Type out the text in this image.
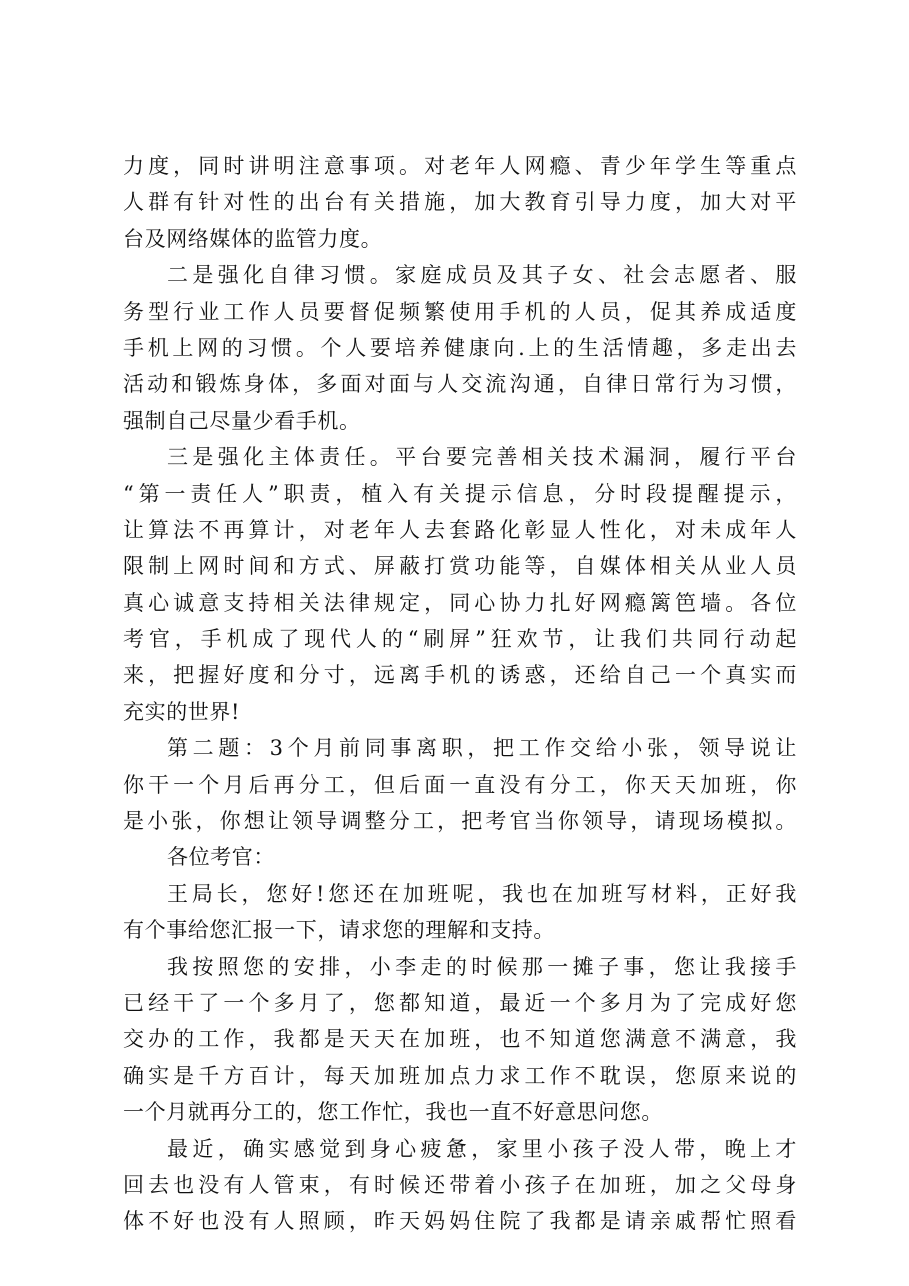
力度，同时讲明注意事项。对老年人网瘾、青少年学生等重点
人群有针对性的出台有关措施，加大教育引导力度，加大对平
台及网络媒体的监管力度。
二是强化自律习惯。家庭成员及其子女、社会志愿者、服
务型行业工作人员要督促频繁使用手机的人员，促其养成适度
手机上网的习惯。个人要培养健康向.上的生活情趣，多走出去
活动和锻炼身体，多面对面与人交流沟通，自律日常行为习惯，
强制自己尽量少看手机。
三是强化主体责任。平台要完善相关技术漏洞，履行平台
“第一责任人”职责，植入有关提示信息，分时段提醒提示，
让算法不再算计，对老年人去套路化彰显人性化，对未成年人
限制上网时间和方式、屏蔽打赏功能等，自媒体相关从业人员
真心诚意支持相关法律规定，同心协力扎好网瘾篱笆墙。各位
考官，手机成了现代人的“刷屏”狂欢节，让我们共同行动起
来，把握好度和分寸，远离手机的诱惑，还给自己一个真实而
充实的世界!
第二题：3个月前同事离职，把工作交给小张，领导说让
你干一个月后再分工，但后面一直没有分工，你天天加班，你
是小张，你想让领导调整分工，把考官当你领导，请现场模拟。
各位考官：
王局长，您好!您还在加班呢，我也在加班写材料，正好我
有个事给您汇报一下，请求您的理解和支持。
我按照您的安排，小李走的时候那一摊子事，您让我接手
已经干了一个多月了，您都知道，最近一个多月为了完成好您
交办的工作，我都是天天在加班，也不知道您满意不满意，我
确实是千方百计，每天加班加点力求工作不耽误，您原来说的
一个月就再分工的，您工作忙，我也一直不好意思问您。
最近，确实感觉到身心疲惫，家里小孩子没人带，晚上才
回去也没有人管束，有时候还带着小孩子在加班，加之父母身
体不好也没有人照顾，昨天妈妈住院了我都是请亲戚帮忙照看
